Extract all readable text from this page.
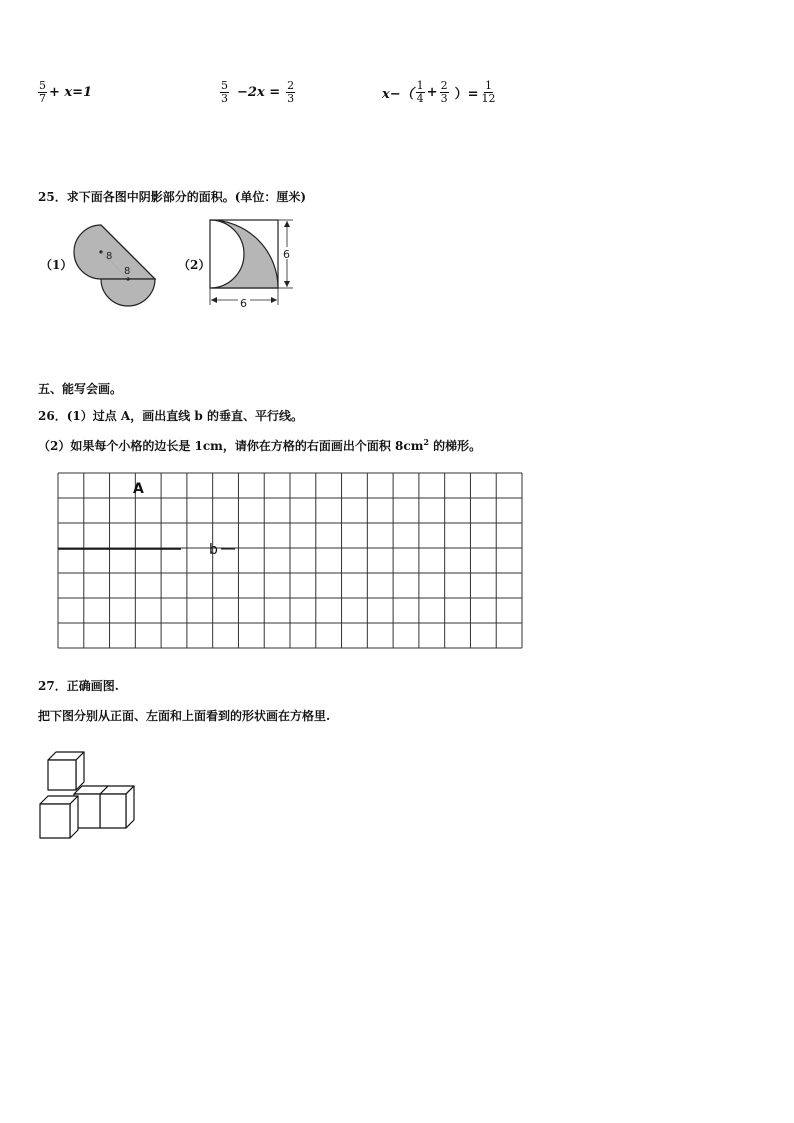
$\frac{5}{7} + x=1$	$\frac{5}{3} -2x = \frac{2}{3}$	$x-( \frac{1}{4} + \frac{2}{3}$ ）= $\frac{1}{12}$
25．求下面各图中阴影部分的面积。(单位：厘米)
（1）
8
8	（2）
6
6
五、能写会画。
26．(1）过点 A，画出直线 b 的垂直、平行线。
（2）如果每个小格的边长是 1cm，请你在方格的右面画出个面积 $8cm^2$ 的梯形。
b
A
27．正确画图.
把下图分别从正面、左面和上面看到的形状画在方格里.
